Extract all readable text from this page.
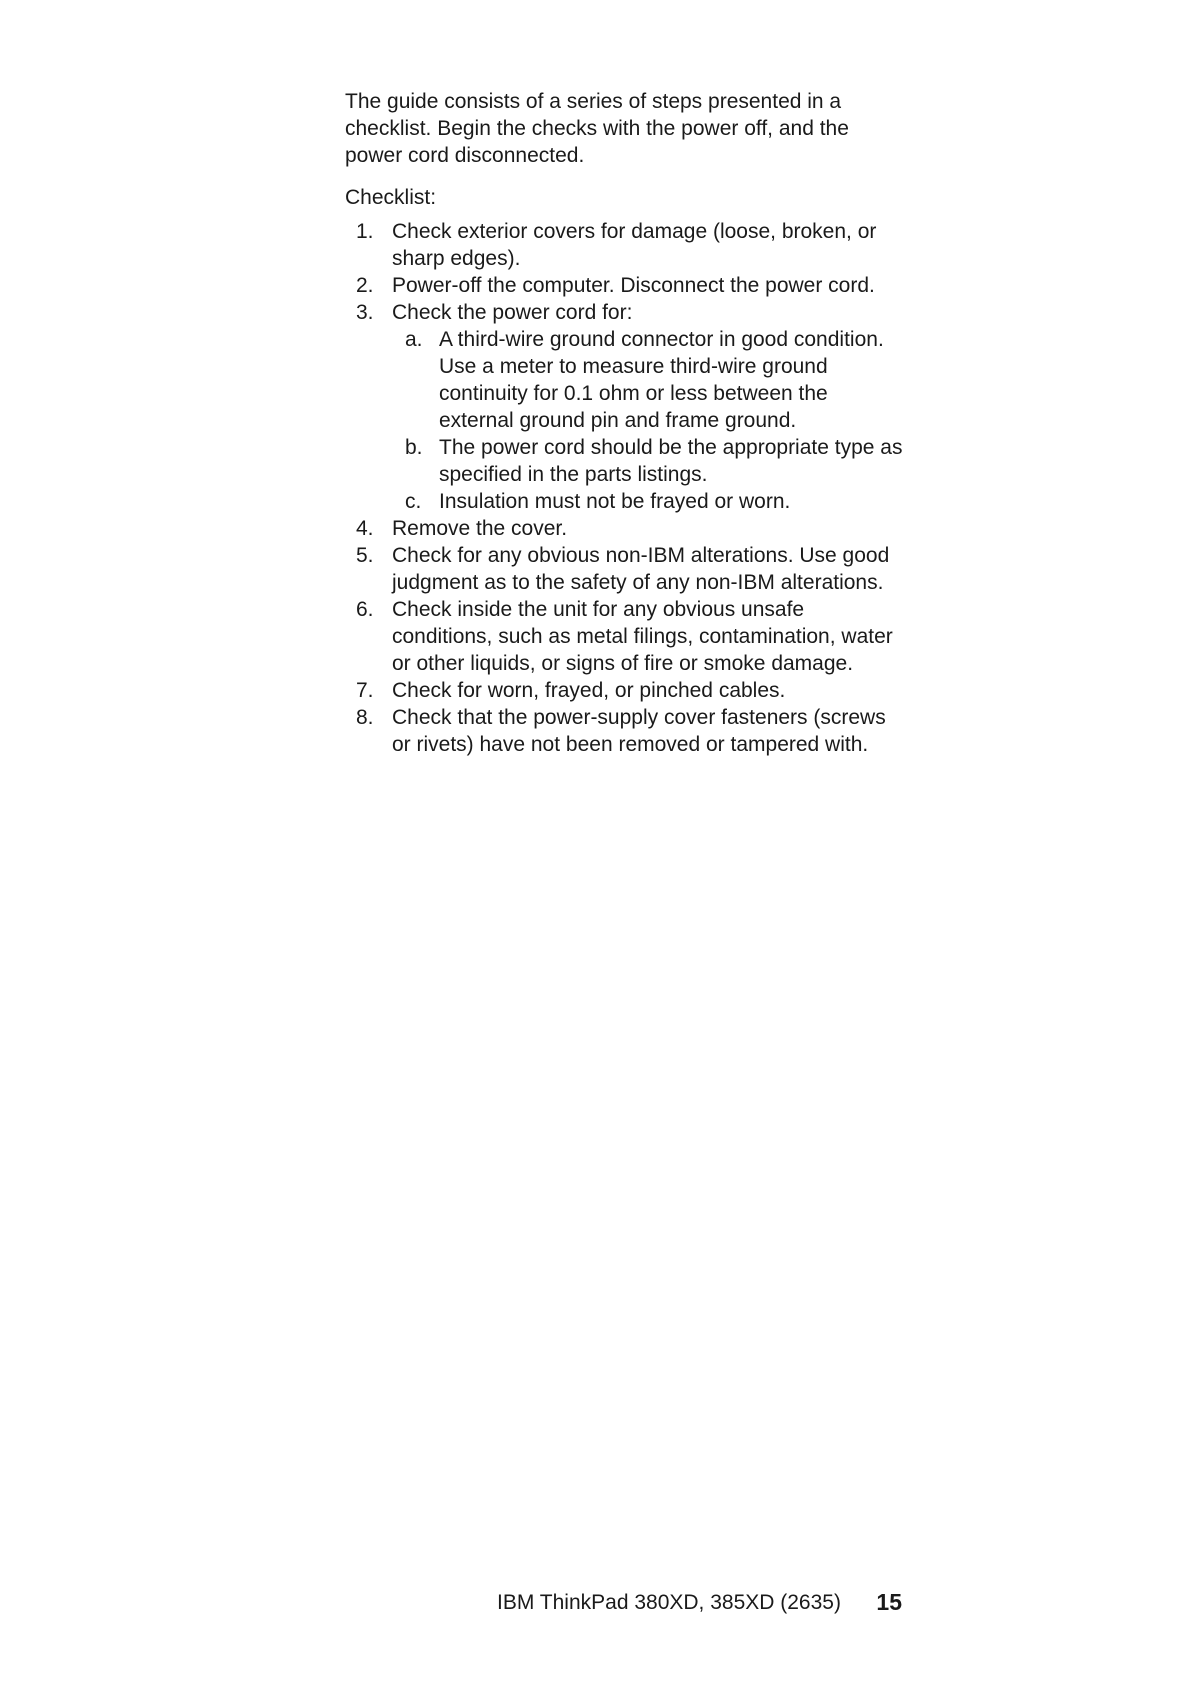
The guide consists of a series of steps presented in a checklist. Begin the checks with the power off, and the power cord disconnected.

Checklist:

1. Check exterior covers for damage (loose, broken, or sharp edges).
2. Power-off the computer. Disconnect the power cord.
3. Check the power cord for:
a. A third-wire ground connector in good condition. Use a meter to measure third-wire ground continuity for 0.1 ohm or less between the external ground pin and frame ground.
b. The power cord should be the appropriate type as specified in the parts listings.
c. Insulation must not be frayed or worn.
4. Remove the cover.
5. Check for any obvious non-IBM alterations. Use good judgment as to the safety of any non-IBM alterations.
6. Check inside the unit for any obvious unsafe conditions, such as metal filings, contamination, water or other liquids, or signs of fire or smoke damage.
7. Check for worn, frayed, or pinched cables.
8. Check that the power-supply cover fasteners (screws or rivets) have not been removed or tampered with.
IBM ThinkPad 380XD, 385XD (2635) 15
